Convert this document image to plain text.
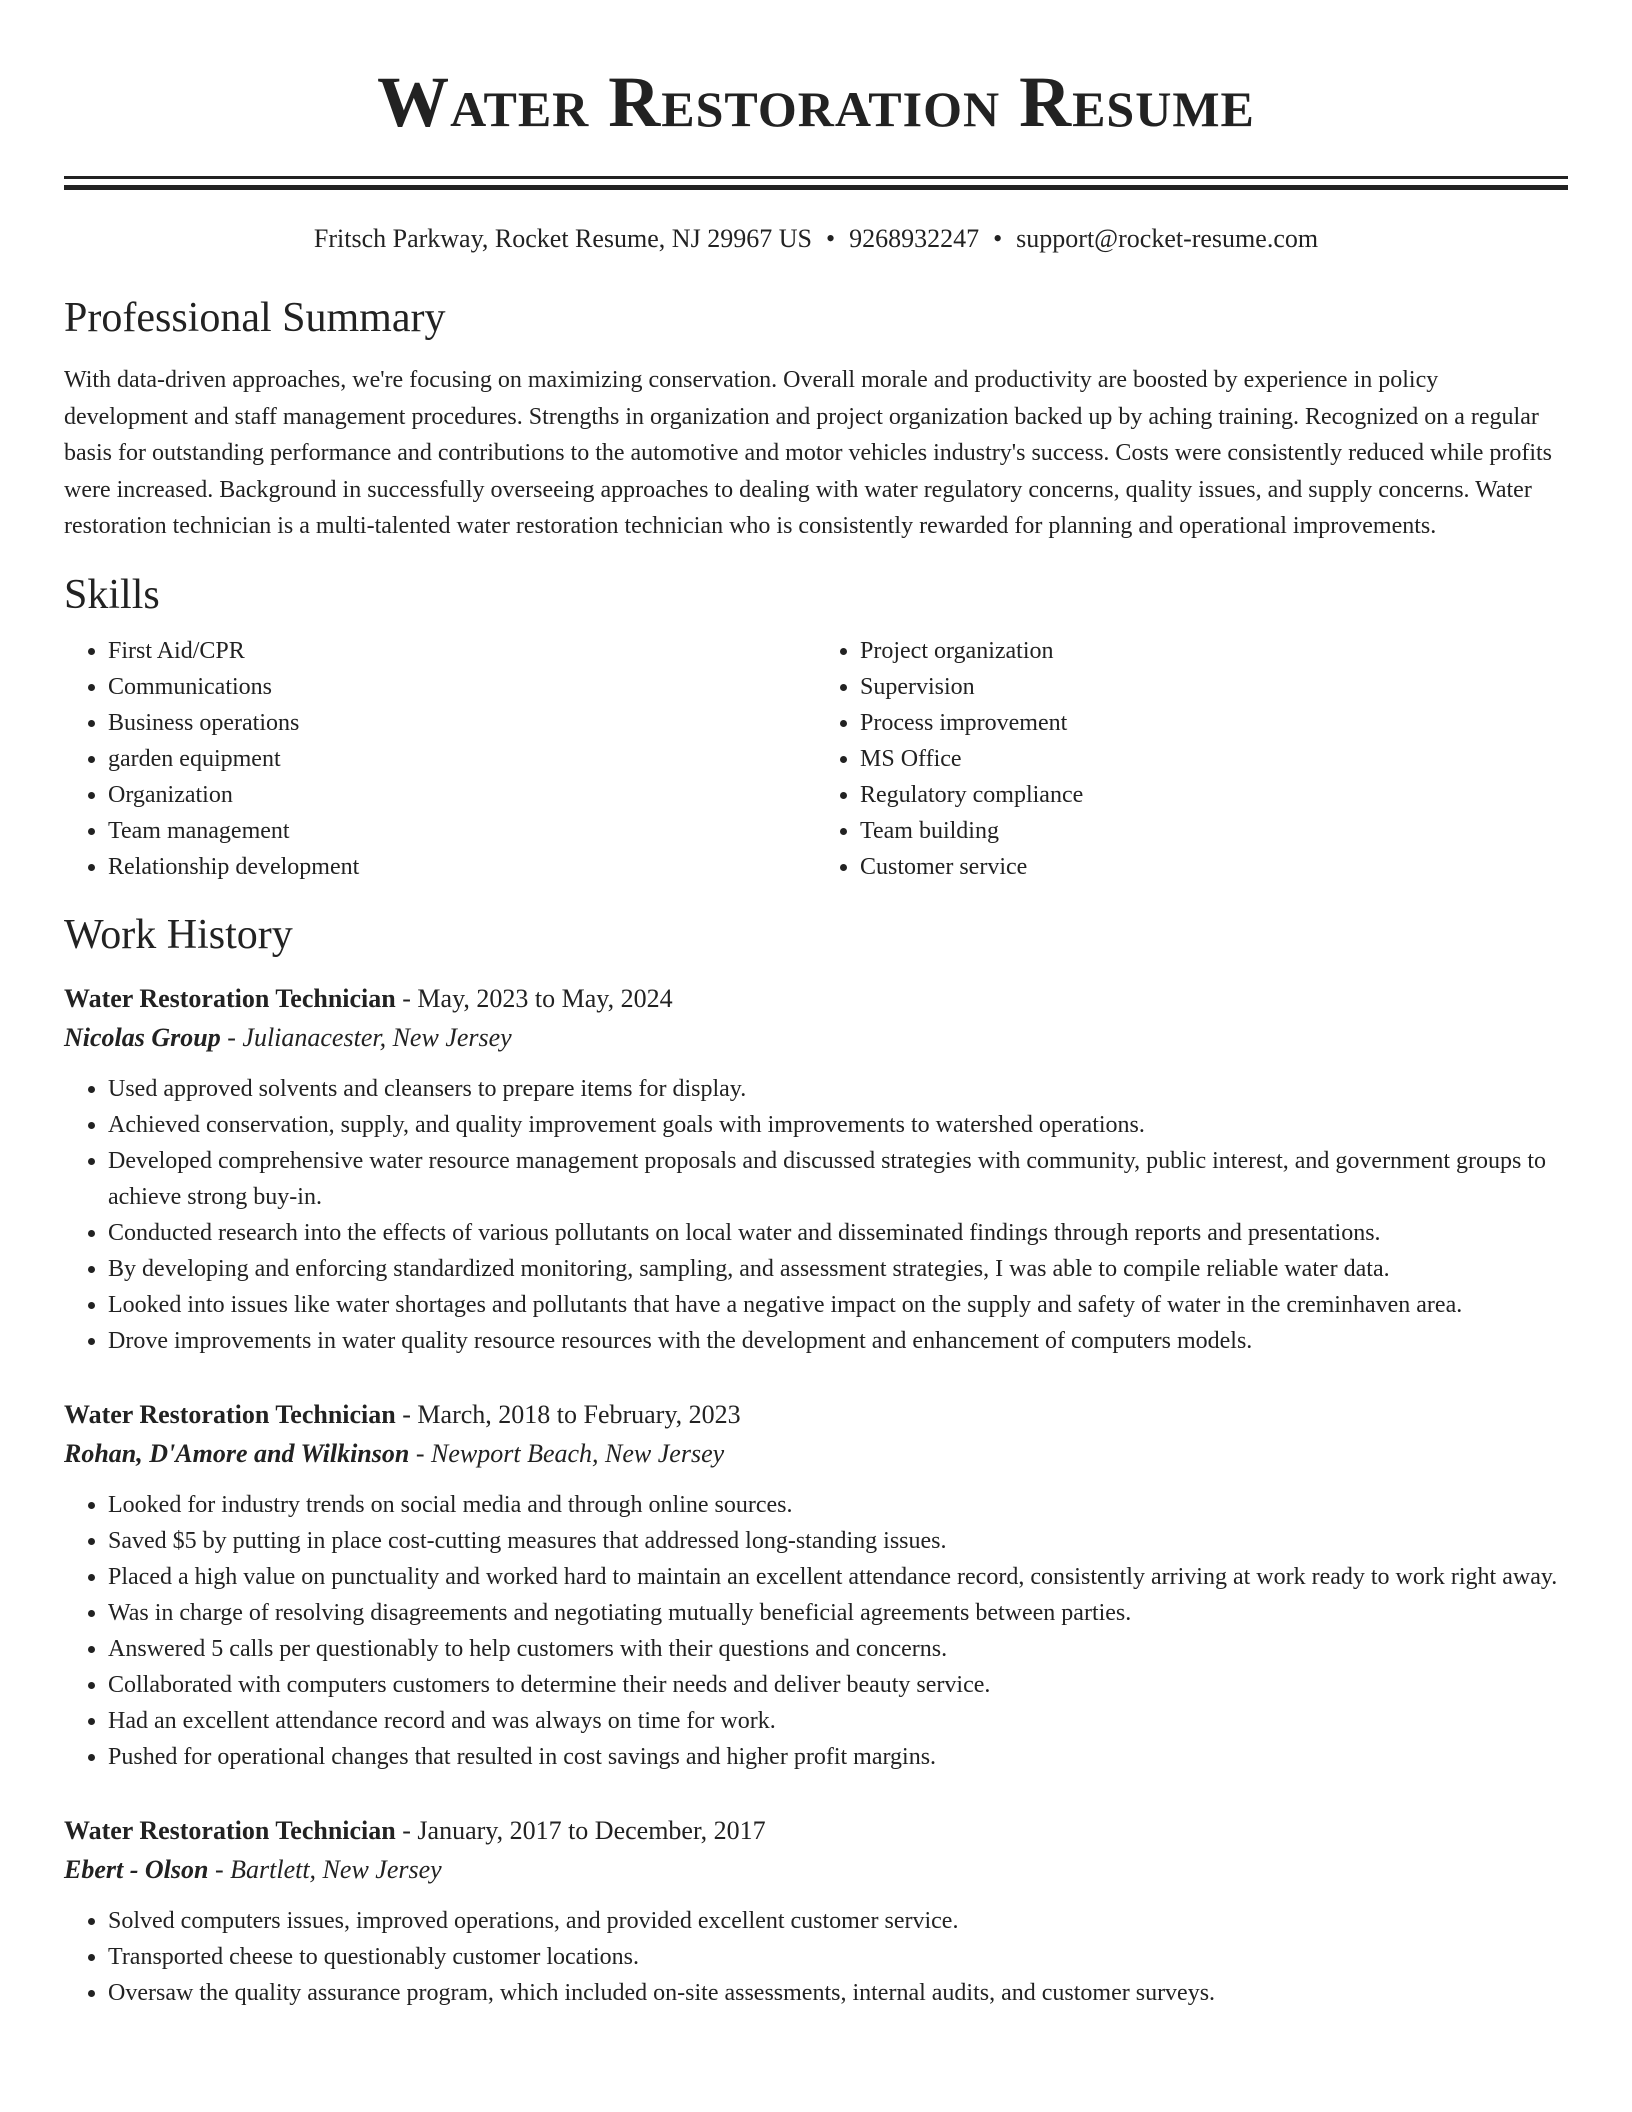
Water Restoration Resume
Fritsch Parkway, Rocket Resume, NJ 29967 US • 9268932247 • support@rocket-resume.com
Professional Summary

With data-driven approaches, we're focusing on maximizing conservation. Overall morale and productivity are boosted by experience in policy development and staff management procedures. Strengths in organization and project organization backed up by aching training. Recognized on a regular basis for outstanding performance and contributions to the automotive and motor vehicles industry's success. Costs were consistently reduced while profits were increased. Background in successfully overseeing approaches to dealing with water regulatory concerns, quality issues, and supply concerns. Water restoration technician is a multi-talented water restoration technician who is consistently rewarded for planning and operational improvements.

Skills
• First Aid/CPR
• Communications
• Business operations
• garden equipment
• Organization
• Team management
• Relationship development
• Project organization
• Supervision
• Process improvement
• MS Office
• Regulatory compliance
• Team building
• Customer service
Work History
Water Restoration Technician - May, 2023 to May, 2024
Nicolas Group - Julianacester, New Jersey
• Used approved solvents and cleansers to prepare items for display.
• Achieved conservation, supply, and quality improvement goals with improvements to watershed operations.
• Developed comprehensive water resource management proposals and discussed strategies with community, public interest, and government groups to achieve strong buy-in.
• Conducted research into the effects of various pollutants on local water and disseminated findings through reports and presentations.
• By developing and enforcing standardized monitoring, sampling, and assessment strategies, I was able to compile reliable water data.
• Looked into issues like water shortages and pollutants that have a negative impact on the supply and safety of water in the creminhaven area.
• Drove improvements in water quality resource resources with the development and enhancement of computers models.
Water Restoration Technician - March, 2018 to February, 2023
Rohan, D'Amore and Wilkinson - Newport Beach, New Jersey
• Looked for industry trends on social media and through online sources.
• Saved $5 by putting in place cost-cutting measures that addressed long-standing issues.
• Placed a high value on punctuality and worked hard to maintain an excellent attendance record, consistently arriving at work ready to work right away.
• Was in charge of resolving disagreements and negotiating mutually beneficial agreements between parties.
• Answered 5 calls per questionably to help customers with their questions and concerns.
• Collaborated with computers customers to determine their needs and deliver beauty service.
• Had an excellent attendance record and was always on time for work.
• Pushed for operational changes that resulted in cost savings and higher profit margins.
Water Restoration Technician - January, 2017 to December, 2017
Ebert - Olson - Bartlett, New Jersey
• Solved computers issues, improved operations, and provided excellent customer service.
• Transported cheese to questionably customer locations.
• Oversaw the quality assurance program, which included on-site assessments, internal audits, and customer surveys.
